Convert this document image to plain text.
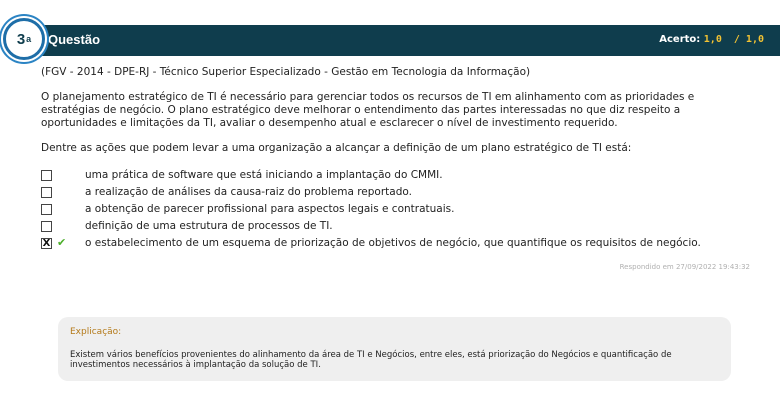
Questão	Acerto: 1,0  / 1,0
3 a
(FGV - 2014 - DPE-RJ - Técnico Superior Especializado - Gestão em Tecnologia da Informação)
O planejamento estratégico de TI é necessário para gerenciar todos os recursos de TI em alinhamento com as prioridades e estratégias de negócio. O plano estratégico deve melhorar o entendimento das partes interessadas no que diz respeito a oportunidades e limitações da TI, avaliar o desempenho atual e esclarecer o nível de investimento requerido.
Dentre as ações que podem levar a uma organização a alcançar a definição de um plano estratégico de TI está:
uma prática de software que está iniciando a implantação do CMMI.
a realização de análises da causa-raiz do problema reportado.
a obtenção de parecer profissional para aspectos legais e contratuais.
definição de uma estrutura de processos de TI.
X ✔ o estabelecimento de um esquema de priorização de objetivos de negócio, que quantifique os requisitos de negócio.
Respondido em 27/09/2022 19:43:32
Explicação:
Existem vários benefícios provenientes do alinhamento da área de TI e Negócios, entre eles, está priorização do Negócios e quantificação de investimentos necessários à implantação da solução de TI.
